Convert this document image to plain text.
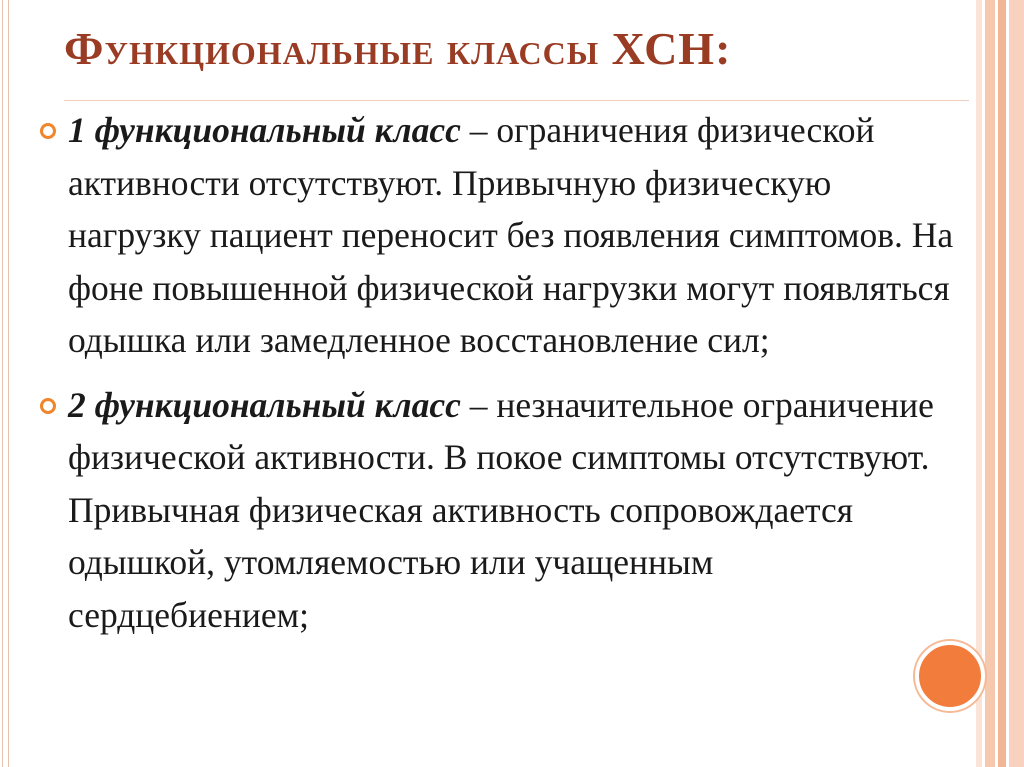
Функциональные классы ХСН:
1 функциональный класс – ограничения физической активности отсутствуют. Привычную физическую нагрузку пациент переносит без появления симптомов. На фоне повышенной физической нагрузки могут появляться одышка или замедленное восстановление сил;
2 функциональный класс – незначительное ограничение физической активности. В покое симптомы отсутствуют. Привычная физическая активность сопровождается одышкой, утомляемостью или учащенным сердцебиением;
